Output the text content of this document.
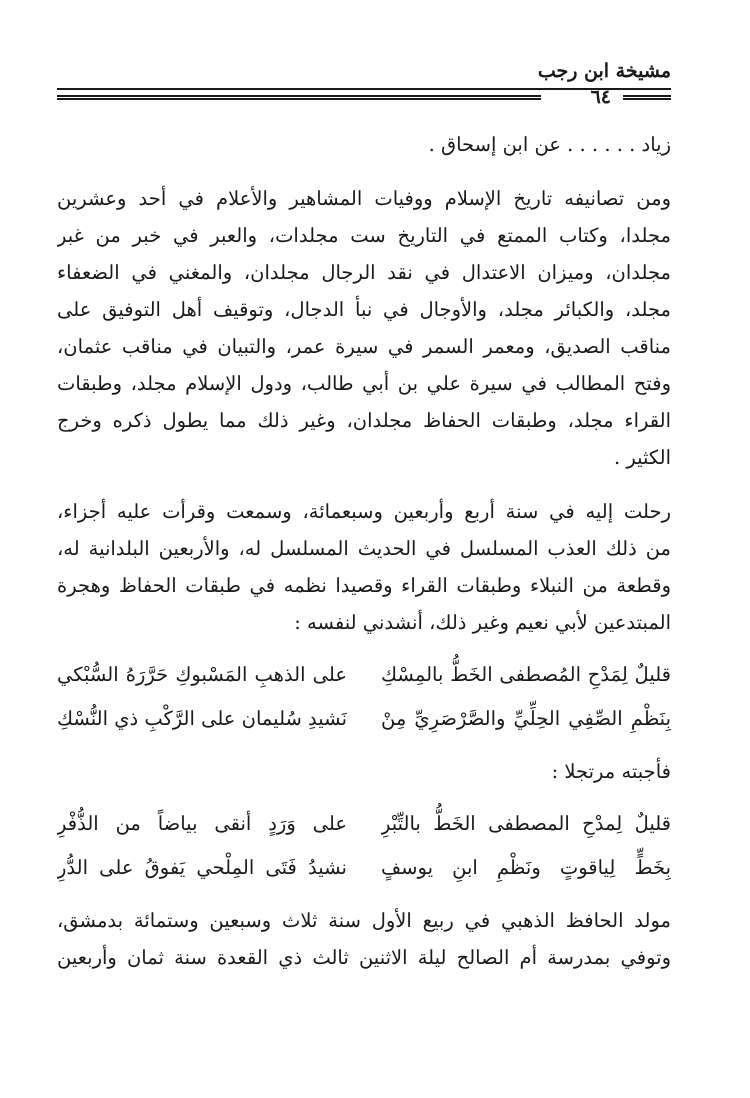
مشيخة ابن رجب
٦٤
زياد . . . . . . عن ابن إسحاق .
ومن تصانيفه تاريخ الإسلام ووفيات المشاهير والأعلام في أحد وعشرين
مجلدا، وكتاب الممتع في التاريخ ست مجلدات، والعبر في خبر من غبر
مجلدان، وميزان الاعتدال في نقد الرجال مجلدان، والمغني في الضعفاء
مجلد، والكبائر مجلد، والأوجال في نبأ الدجال، وتوقيف أهل التوفيق على
مناقب الصديق، ومعمر السمر في سيرة عمر، والتبيان في مناقب عثمان،
وفتح المطالب في سيرة علي بن أبي طالب، ودول الإسلام مجلد، وطبقات
القراء مجلد، وطبقات الحفاظ مجلدان، وغير ذلك مما يطول ذكره وخرج
الكثير .
رحلت إليه في سنة أربع وأربعين وسبعمائة، وسمعت وقرأت عليه أجزاء،
من ذلك العذب المسلسل في الحديث المسلسل له، والأربعين البلدانية له،
وقطعة من النبلاء وطبقات القراء وقصيدا نظمه في طبقات الحفاظ وهجرة
المبتدعين لأبي نعيم وغير ذلك، أنشدني لنفسه :
قليلٌ لِمَدْحِ المُصطفى الخَطُّ بالمِسْكِ
على الذهبِ المَسْبوكِ حَرَّرَهُ السُّبْكي
بِنَظْمِ الصِّفِي الحِلِّيِّ والصَّرْصَرِيِّ مِنْ
نَشيدِ سُليمان على الرَّكْبِ ذي النُّسْكِ
فأجبته مرتجلا :
قليلٌ لِمدْحِ المصطفى الخَطُّ بالتِّبْرِ
على وَرَدٍ أنقى بياضاً من الذُّفْرِ
بِخَطٍّ لِياقوتٍ ونَظْمِ ابنِ يوسفٍ
نشيدُ فَتَى المِلْحي يَفوقُ على الدُّرِ
مولد الحافظ الذهبي في ربيع الأول سنة ثلاث وسبعين وستمائة بدمشق،
وتوفي بمدرسة أم الصالح ليلة الاثنين ثالث ذي القعدة سنة ثمان وأربعين
